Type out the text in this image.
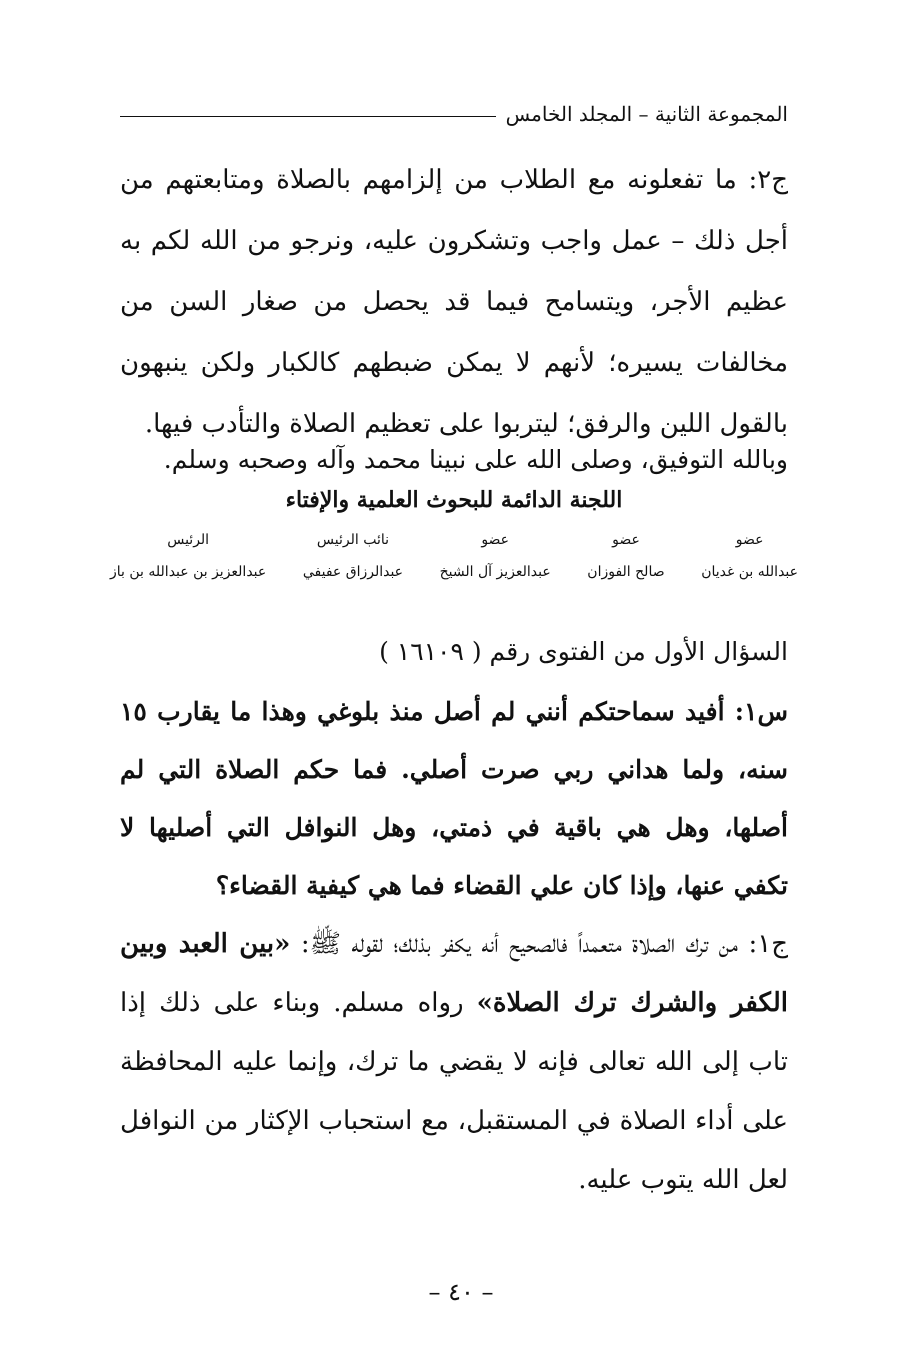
المجموعة الثانية – المجلد الخامس

ج٢: ما تفعلونه مع الطلاب من إلزامهم بالصلاة ومتابعتهم من أجل ذلك – عمل واجب وتشكرون عليه، ونرجو من الله لكم به عظيم الأجر، ويتسامح فيما قد يحصل من صغار السن من مخالفات يسيره؛ لأنهم لا يمكن ضبطهم كالكبار ولكن ينبهون بالقول اللين والرفق؛ ليتربوا على تعظيم الصلاة والتأدب فيها.

وبالله التوفيق، وصلى الله على نبينا محمد وآله وصحبه وسلم.

اللجنة الدائمة للبحوث العلمية والإفتاء
عضو
عبدالله بن غديان
عضو
صالح الفوزان
عضو
عبدالعزيز آل الشيخ
نائب الرئيس
عبدالرزاق عفيفي
الرئيس
عبدالعزيز بن عبدالله بن باز
السؤال الأول من الفتوى رقم ( ١٦١٠٩ )

س١: أفيد سماحتكم أنني لم أصل منذ بلوغي وهذا ما يقارب ١٥ سنه، ولما هداني ربي صرت أصلي. فما حكم الصلاة التي لم أصلها، وهل هي باقية في ذمتي، وهل النوافل التي أصليها لا تكفي عنها، وإذا كان علي القضاء فما هي كيفية القضاء؟

ج١: من ترك الصلاة متعمداً فالصحيح أنه يكفر بذلك؛ لقوله ﷺ: «بين العبد وبين الكفر والشرك ترك الصلاة» رواه مسلم. وبناء على ذلك إذا تاب إلى الله تعالى فإنه لا يقضي ما ترك، وإنما عليه المحافظة على أداء الصلاة في المستقبل، مع استحباب الإكثار من النوافل لعل الله يتوب عليه.

– ٤٠ –
